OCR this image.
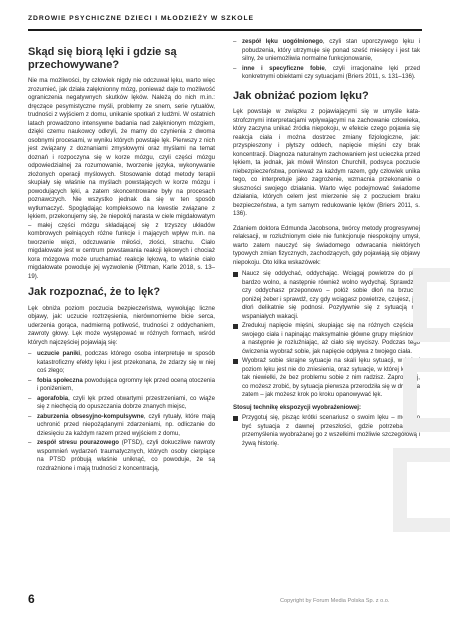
ZDROWIE PSYCHICZNE DZIECI I MŁODZIEŻY W SZKOLE
Skąd się biorą lęki i gdzie są przechowywane?

Nie ma możliwości, by człowiek nigdy nie odczuwał lęku, warto więc zrozumieć, jak działa zalęknionny mózg, ponieważ daje to możliwość ograniczenia negatywnych skutków lęków. Należą do nich m.in.: dręczące pesymistyczne myśli, problemy ze snem, serie rytuałów, trudności z wyjściem z domu, unikanie spotkań z ludźmi. W ostatnich latach prowadzono intensywne badania nad zalęknionym mózgiem, dzięki czemu naukowcy odkryli, że mamy do czynienia z dwoma osobnymi procesami, w wyniku których powstaje lęk. Pierwszy z nich jest związany z doznaniami zmysłowymi oraz myślami na temat doznań i rozpoczyna się w korze mózgu, czyli części mózgu odpowiedzialnej za rozumowanie, tworzenie języka, wykonywanie złożonych operacji myślowych. Stosowanie dotąd metody terapii skupiały się właśnie na myślach powstających w korze mózgu i powodujących lęki, a zatem skoncentrowane były na procesach poznawczych. Nie wszystko jednak da się w ten sposób wytłumaczyć. Spoglądając kompleksowo na kwestie związane z lękiem, przekonujemy się, że niepokój narasta w ciele migdałowatym – małej części mózgu składającej się z trzyszcy układów kombrowych pełniących różne funkcje i mających wpływ m.in. na tworzenie więzi, odczuwanie miłości, złości, strachu. Ciało migdałowate jest w centrum powstawania reakcji lękowych i chociaż kora mózgowa może uruchamiać reakcje lękową, to właśnie ciało migdałowate powoduje jej wyzwolenie (Pittman, Karle 2018, s. 13–19).

Jak rozpoznać, że to lęk?

Lęk obniża poziom poczucia bezpieczeństwa, wywołując liczne objawy, jak: uczucie roztrzęsienia, nierównomierne bicie serca, uderzenia gorąca, nadmierną potliwość, trudności z oddychaniem, zawroty głowy. Lęk może występować w różnych formach, wśród których najczęściej pojawiają się:

– uczucie paniki, podczas którego osoba interpretuje w sposób katastroficzny efekty lęku i jest przekonana, że zdarzy się w niej coś złego;
– fobia społeczna powodująca ogromny lęk przed oceną otoczenia i poniżeniem,
– agorafobia, czyli lęk przed otwartymi przestrzeniami, co wiąże się z niechęcią do opuszczania dobrze znanych miejsc,
– zaburzenia obsesyjno-kompulsywne, czyli rytuały, które mają uchronić przed niepożądanymi zdarzeniami, np. odliczanie do dziesięciu za każdym razem przed wyjściem z domu,
– zespół stresu pourazowego (PTSD), czyli dokuczliwe nawroty wspomnień wydarzeń traumatycznych, których osoby cierpiące na PTSD próbują właśnie uniknąć, co powoduje, że są rozdrażnione i mają trudności z koncentracją,
– zespół lęku uogólnionego, czyli stan uporczywego lęku i pobudzenia, który utrzymuje się ponad sześć miesięcy i jest tak silny, że uniemożliwia normalne funkcjonowanie,
– inne i specyficzne fobie, czyli irracjonalne lęki przed konkretnymi obiektami czy sytuacjami (Briers 2011, s. 131–136).
Jak obniżać poziom lęku?

Lęk powstaje w związku z pojawiającymi się w umyśle katastrofcznymi interpretacjami wpływającymi na zachowanie człowieka, który zaczyna unikać źródła niepokoju, w efekcie czego pojawia się reakcja ciała i można dostrzec zmiany fizjologiczne, jak: przyspieszony i płytszy oddech, napięcie mięśni czy brak koncentracji. Diagnoza naturalnym zachowaniem jest ucieczka przed lękiem, ta jednak, jak mówił Winston Churchill, podsyca poczucie niebezpieczeństwa, ponieważ za każdym razem, gdy człowiek unika tego, co interpretuje jako zagrożenie, wzmacnia przekonanie o słuszności swojego działania. Warto więc podejmować świadome działania, których celem jest mierzenie się z poczuciem braku bezpieczeństwa, a tym samym redukowanie lęków (Briers 2011, s. 136).

Zdaniem doktora Edmunda Jacobsona, twórcy metody progresywnej relaksacji, w rozluźnionym ciele nie funkcjonuje niespokojny umysł, warto zatem nauczyć się świadomego odwracania niektórych typowych zmian fizycznych, zachodzących, gdy pojawiają się objawy niepokoju. Oto kilka wskazówek:

Naucz się oddychać, oddychając. Wciągaj powietrze do płuc bardzo wolno, a następnie również wolno wydychaj. Sprawdzaj, czy oddychasz przeponowo – połóż sobie dłoń na brzuchu poniżej żeber i sprawdź, czy gdy wciągasz powietrze, czujesz, jak dłoń delikatnie się podnosi. Pozytywnie się z sytuacją np. wspaniałych wakacji.
Zredukuj napięcie mięśni, skupiając się na różnych częściach swojego ciała i napinając maksymalnie główne grupy mięśniowe, a następnie je rozluźniając, aż ciało się wyciszy. Podczas tego ćwiczenia wyobraź sobie, jak napięcie odpływa z twojego ciała.
Wyobraź sobie skrajne sytuacje na skali lęku sytuacji, w której poziom lęku jest nie do zniesienia, oraz sytuacje, w której lęk jest tak niewielki, że bez problemu sobie z nim radzisz. Zaproponuj, co możesz zrobić, by sytuacja pierwsza przerodziła się w drugą, a zatem – jak możesz krok po kroku opanowywać lęk.
Stosuj technikę ekspozycji wyobrażeniowej:
Przygotuj się, pisząc krótki scenariusz o swoim lęku – może to być sytuacja z dawnej przeszłości, gdzie potrzeba było przemyślenia wyobrażanej go z wszelkimi możliwie szczegółową i żywą historię.
6	Copyright by Forum Media Polska Sp. z o.o.
